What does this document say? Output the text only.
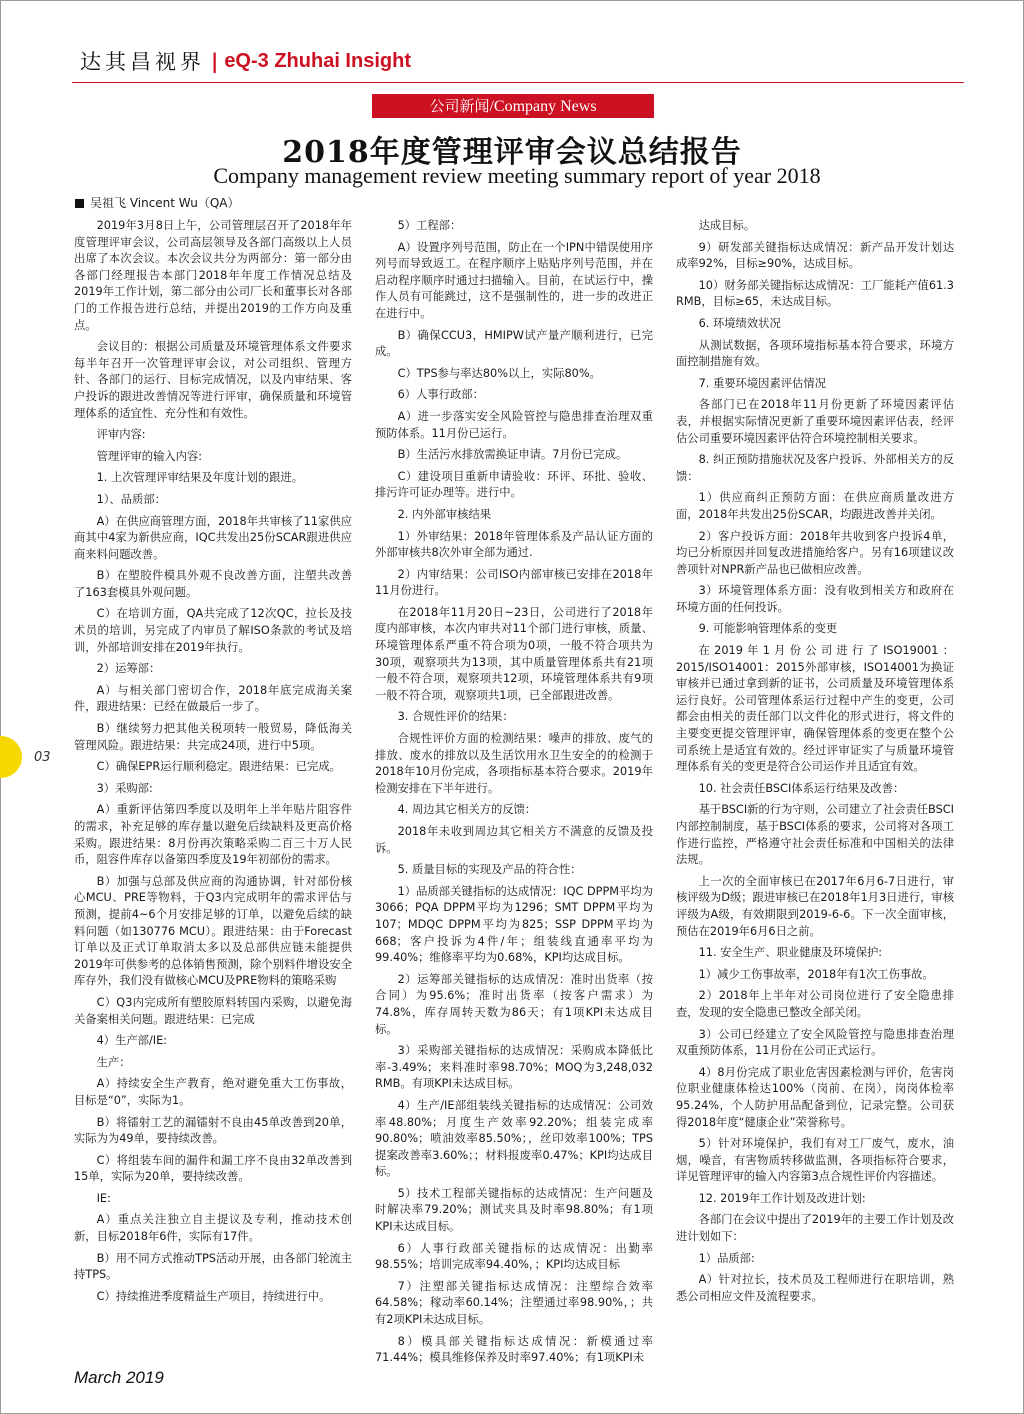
达其昌视界 | eQ-3 Zhuhai Insight
公司新闻/Company News
2018年度管理评审会议总结报告
Company management review meeting summary report of year 2018
吴祖飞 Vincent Wu（QA）

2019年3月8日上午，公司管理层召开了2018年年度管理评审会议，公司高层领导及各部门高级以上人员出席了本次会议。本次会议共分为两部分：第一部分由各部门经理报告本部门2018年年度工作情况总结及2019年工作计划，第二部分由公司厂长和董事长对各部门的工作报告进行总结，并提出2019的工作方向及重点。

会议目的：根据公司质量及环境管理体系文件要求每半年召开一次管理评审会议，对公司组织、管理方针、各部门的运行、目标完成情况，以及内审结果、客户投诉的跟进改善情况等进行评审，确保质量和环境管理体系的适宜性、充分性和有效性。

评审内容:

管理评审的输入内容:

1. 上次管理评审结果及年度计划的跟进。

1）、品质部：

A）在供应商管理方面，2018年共审核了11家供应商其中4家为新供应商，IQC共发出25份SCAR跟进供应商来料问题改善。

B）在塑胶件模具外观不良改善方面，注塑共改善了163套模具外观问题。

C）在培训方面，QA共完成了12次QC，拉长及技术员的培训，另完成了内审员了解ISO条款的考试及培训，外部培训安排在2019年执行。

2）运筹部：

A）与相关部门密切合作，2018年底完成海关案件，跟进结果：已经在做最后一步了。

B）继续努力把其他关税项转一般贸易，降低海关管理风险。跟进结果：共完成24项，进行中5项。

C）确保EPR运行顺利稳定。跟进结果：已完成。

3）采购部:

A）重新评估第四季度以及明年上半年贴片阻容件的需求，补充足够的库存量以避免后续缺料及更高价格采购。跟进结果：8月份再次策略采购二百三十万人民币，阻容件库存以备第四季度及19年初部份的需求。

B）加强与总部及供应商的沟通协调，针对部份核心MCU、PRE等物料，于Q3内完成明年的需求评估与预测，提前4~6个月安排足够的订单，以避免后续的缺料问题（如130776 MCU）。跟进结果：由于Forecast订单以及正式订单取消太多以及总部供应链未能提供2019年可供参考的总体销售预测，除个别料件增设安全库存外，我们没有做核心MCU及PRE物料的策略采购

C）Q3内完成所有塑胶原料转国内采购，以避免海关备案相关问题。跟进结果：已完成

4）生产部/IE:

生产：

A）持续安全生产教育，绝对避免重大工伤事故，目标是“0”，实际为1。

B）将镭射工艺的漏镭射不良由45单改善到20单，实际为为49单，要持续改善。

C）将组装车间的漏件和漏工序不良由32单改善到15单，实际为20单，要持续改善。

IE:

A）重点关注独立自主提议及专利，推动技术创新，目标2018年6件，实际有17件。

B）用不同方式推动TPS活动开展，由各部门轮流主持TPS。

C）持续推进季度精益生产项目，持续进行中。

5）工程部：

A）设置序列号范围，防止在一个IPN中错误使用序列号而导致返工。在程序顺序上贴贴序列号范围，并在启动程序顺序时通过扫描输入。目前，在试运行中，操作人员有可能跳过，这不是强制性的，进一步的改进正在进行中。

B）确保CCU3，HMIPW试产量产顺利进行，已完成。

C）TPS参与率达80%以上，实际80%。

6）人事行政部：

A）进一步落实安全风险管控与隐患排查治理双重预防体系。11月份已运行。

B）生活污水排放需换证申请。7月份已完成。

C）建设项目重新申请验收：环评、环批、验收、排污许可证办理等。进行中。

2. 内外部审核结果

1）外审结果：2018年管理体系及产品认证方面的外部审核共8次外审全部为通过.

2）内审结果：公司ISO内部审核已安排在2018年11月份进行。

在2018年11月20日~23日，公司进行了2018年度内部审核，本次内审共对11个部门进行审核，质量、环境管理体系严重不符合项为0项，一般不符合项共为30项，观察项共为13项，其中质量管理体系共有21项一般不符合项，观察项共12项，环境管理体系共有9项一般不符合项，观察项共1项，已全部跟进改善。

3. 合规性评价的结果：

合规性评价方面的检测结果：噪声的排放、废气的排放、废水的排放以及生活饮用水卫生安全的的检测于2018年10月份完成，各项指标基本符合要求。2019年检测安排在下半年进行。

4. 周边其它相关方的反馈：

2018年未收到周边其它相关方不满意的反馈及投诉。

5. 质量目标的实现及产品的符合性：

1）品质部关键指标的达成情况：IQC DPPM平均为3066；PQA DPPM平均为1296；SMT DPPM平均为107；MDQC DPPM平均为825；SSP DPPM平均为668；客户投诉为4件/年；组装线直通率平均为99.40%；维修率平均为0.68%，KPI均达成目标。

2）运筹部关键指标的达成情况：准时出货率（按合同）为95.6%；准时出货率（按客户需求）为74.8%，库存周转天数为86天；有1项KPI未达成目标。

3）采购部关键指标的达成情况：采购成本降低比率-3.49%；来料准时率98.70%；MOQ为3,248,032 RMB。有项KPI未达成目标。

4）生产/IE部组装线关键指标的达成情况：公司效率48.80%；月度生产效率92.20%；组装完成率90.80%；喷油效率85.50%；，丝印效率100%；TPS提案改善率3.60%；；材料报废率0.47%；KPI均达成目标。

5）技术工程部关键指标的达成情况：生产问题及时解决率79.20%；测试夹具及时率98.80%；有1项KPI未达成目标。

6）人事行政部关键指标的达成情况：出勤率98.55%；培训完成率94.40%，；KPI均达成目标

7）注塑部关键指标达成情况：注塑综合效率64.58%；稼动率60.14%；注塑通过率98.90%，；共有2项KPI未达成目标。

8）模具部关键指标达成情况：新模通过率71.44%；模具维修保养及时率97.40%；有1项KPI未

达成目标。

9）研发部关键指标达成情况：新产品开发计划达成率92%，目标≥90%，达成目标。

10）财务部关键指标达成情况：工厂能耗产值61.3 RMB，目标≥65，未达成目标。

6. 环境绩效状况

从测试数据，各项环境指标基本符合要求，环境方面控制措施有效。

7. 重要环境因素评估情况

各部门已在2018年11月份更新了环境因素评估表，并根据实际情况更新了重要环境因素评估表，经评估公司重要环境因素评估符合环境控制相关要求。

8. 纠正预防措施状况及客户投诉、外部相关方的反馈：

1）供应商纠正预防方面：在供应商质量改进方面，2018年共发出25份SCAR，均跟进改善并关闭。

2）客户投诉方面：2018年共收到客户投诉4单，均已分析原因并回复改进措施给客户。另有16项建议改善项针对NPR新产品也已做相应改善。

3）环境管理体系方面：没有收到相关方和政府在环境方面的任何投诉。

9. 可能影响管理体系的变更

在2019年1月份公司进行了ISO19001：2015/ISO14001：2015外部审核，ISO14001为换证审核并已通过拿到新的证书，公司质量及环境管理体系运行良好。公司管理体系运行过程中产生的变更，公司都会由相关的责任部门以文件化的形式进行，将文件的主要变更提交管理评审，确保管理体系的变更在整个公司系统上是适宜有效的。经过评审证实了与质量环境管理体系有关的变更是符合公司运作并且适宜有效。

10. 社会责任BSCI体系运行结果及改善：

基于BSCI新的行为守则，公司建立了社会责任BSCI内部控制制度，基于BSCI体系的要求，公司将对各项工作进行监控，严格遵守社会责任标准和中国相关的法律法规。

上一次的全面审核已在2017年6月6-7日进行，审核评级为D级；跟进审核已在2018年1月3日进行，审核评级为A级，有效期限到2019-6-6。下一次全面审核，预估在2019年6月6日之前。

11. 安全生产、职业健康及环境保护:

1）减少工伤事故率，2018年有1次工伤事故。

2）2018年上半年对公司岗位进行了安全隐患排查，发现的安全隐患已整改全部关闭。

3）公司已经建立了安全风险管控与隐患排查治理双重预防体系，11月份在公司正式运行。

4）8月份完成了职业危害因素检测与评价，危害岗位职业健康体检达100%（岗前、在岗），岗岗体检率95.24%，个人防护用品配备到位，记录完整。公司获得2018年度“健康企业”荣誉称号。

5）针对环境保护，我们有对工厂废气，废水，油烟，噪音，有害物质转移做监测，各项指标符合要求，详见管理评审的输入内容第3点合规性评价内容描述。

12. 2019年工作计划及改进计划:

各部门在会议中提出了2019年的主要工作计划及改进计划如下：

1）品质部:

A）针对拉长，技术员及工程师进行在职培训，熟悉公司相应文件及流程要求。

03
March 2019
